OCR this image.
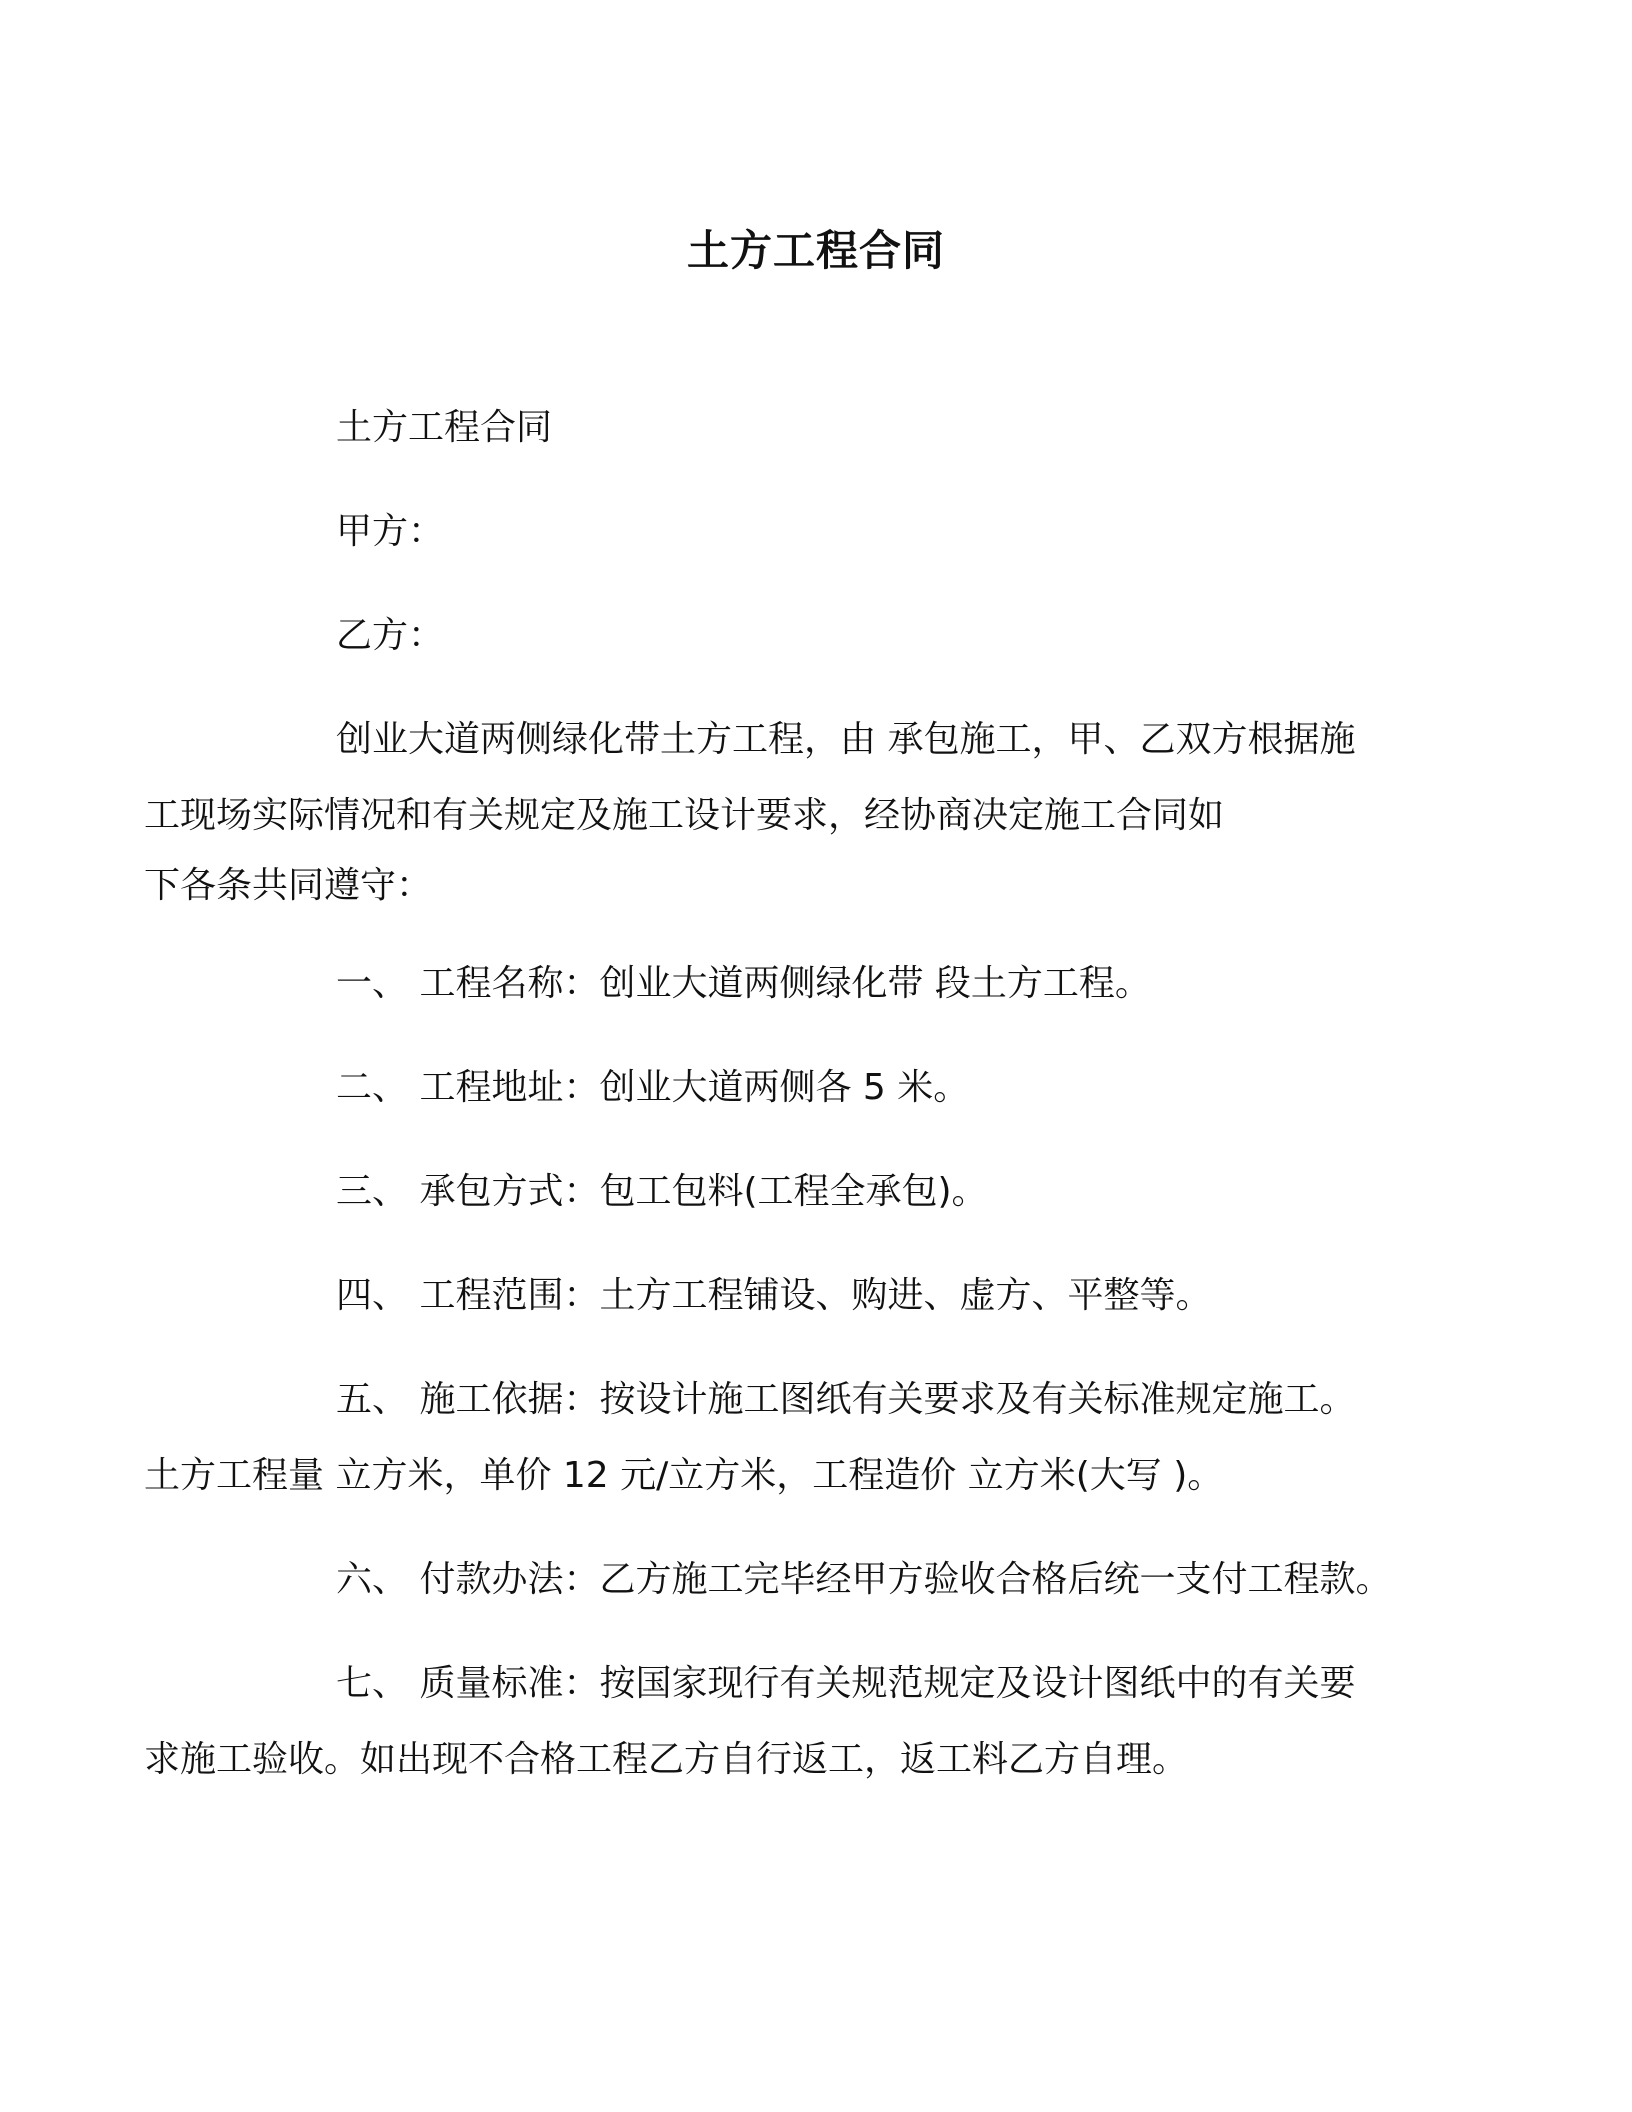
土方工程合同

土方工程合同

甲方：

乙方：

创业大道两侧绿化带土方工程，由 承包施工，甲、乙双方根据施
工现场实际情况和有关规定及施工设计要求，经协商决定施工合同如
下各条共同遵守：

一、 工程名称：创业大道两侧绿化带 段土方工程。

二、 工程地址：创业大道两侧各 5 米。

三、 承包方式：包工包料(工程全承包)。

四、 工程范围：土方工程铺设、购进、虚方、平整等。

五、 施工依据：按设计施工图纸有关要求及有关标准规定施工。
土方工程量 立方米，单价 12 元/立方米，工程造价 立方米(大写 )。

六、 付款办法：乙方施工完毕经甲方验收合格后统一支付工程款。

七、 质量标准：按国家现行有关规范规定及设计图纸中的有关要
求施工验收。如出现不合格工程乙方自行返工，返工料乙方自理。
